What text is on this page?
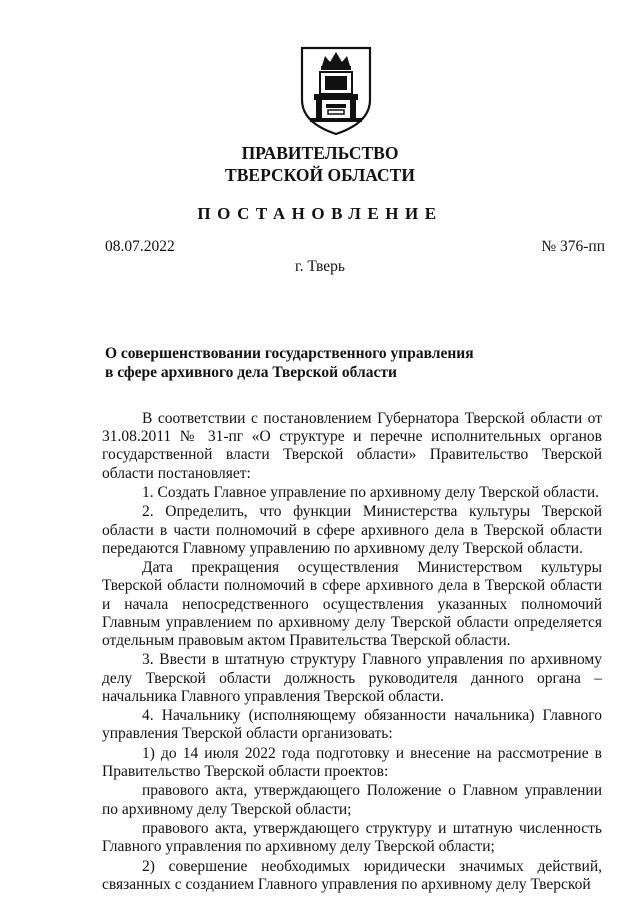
ПРАВИТЕЛЬСТВО
ТВЕРСКОЙ ОБЛАСТИ
ПОСТАНОВЛЕНИЕ
08.07.2022	№ 376-пп
г. Тверь
О совершенствовании государственного управления
в сфере архивного дела Тверской области

В соответствии с постановлением Губернатора Тверской области от 31.08.2011 № 31-пг «О структуре и перечне исполнительных органов государственной власти Тверской области» Правительство Тверской области постановляет:

1. Создать Главное управление по архивному делу Тверской области.

2. Определить, что функции Министерства культуры Тверской области в части полномочий в сфере архивного дела в Тверской области передаются Главному управлению по архивному делу Тверской области.

Дата прекращения осуществления Министерством культуры Тверской области полномочий в сфере архивного дела в Тверской области и начала непосредственного осуществления указанных полномочий Главным управлением по архивному делу Тверской области определяется отдельным правовым актом Правительства Тверской области.

3. Ввести в штатную структуру Главного управления по архивному делу Тверской области должность руководителя данного органа – начальника Главного управления Тверской области.

4. Начальнику (исполняющему обязанности начальника) Главного управления Тверской области организовать:

1) до 14 июля 2022 года подготовку и внесение на рассмотрение в Правительство Тверской области проектов:

правового акта, утверждающего Положение о Главном управлении по архивному делу Тверской области;

правового акта, утверждающего структуру и штатную численность Главного управления по архивному делу Тверской области;

2) совершение необходимых юридически значимых действий, связанных с созданием Главного управления по архивному делу Тверской
